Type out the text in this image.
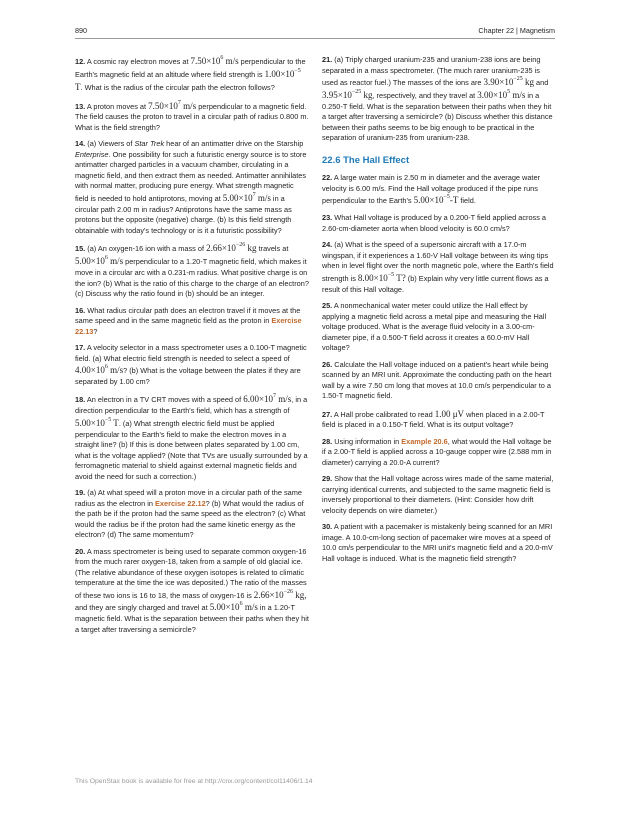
890	Chapter 22 | Magnetism

12. A cosmic ray electron moves at $7.50\times 10^6$ m/s perpendicular to the Earth's magnetic field at an altitude where field strength is $1.00\times 10^{-5}$ T. What is the radius of the circular path the electron follows?

13. A proton moves at $7.50\times 10^7$ m/s perpendicular to a magnetic field. The field causes the proton to travel in a circular path of radius 0.800 m. What is the field strength?

14. (a) Viewers of Star Trek hear of an antimatter drive on the Starship Enterprise. One possibility for such a futuristic energy source is to store antimatter charged particles in a vacuum chamber, circulating in a magnetic field, and then extract them as needed. Antimatter annihilates with normal matter, producing pure energy. What strength magnetic field is needed to hold antiprotons, moving at $5.00\times 10^7$ m/s in a circular path 2.00 m in radius? Antiprotons have the same mass as protons but the opposite (negative) charge. (b) Is this field strength obtainable with today's technology or is it a futuristic possibility?

15. (a) An oxygen-16 ion with a mass of $2.66\times 10^{-26}$ kg travels at $5.00\times 10^6$ m/s perpendicular to a 1.20-T magnetic field, which makes it move in a circular arc with a 0.231-m radius. What positive charge is on the ion? (b) What is the ratio of this charge to the charge of an electron? (c) Discuss why the ratio found in (b) should be an integer.

16. What radius circular path does an electron travel if it moves at the same speed and in the same magnetic field as the proton in Exercise 22.13?

17. A velocity selector in a mass spectrometer uses a 0.100-T magnetic field. (a) What electric field strength is needed to select a speed of $4.00\times 10^6$ m/s? (b) What is the voltage between the plates if they are separated by 1.00 cm?

18. An electron in a TV CRT moves with a speed of $6.00\times 10^7$ m/s, in a direction perpendicular to the Earth's field, which has a strength of $5.00\times 10^{-5}$ T. (a) What strength electric field must be applied perpendicular to the Earth's field to make the electron moves in a straight line? (b) If this is done between plates separated by 1.00 cm, what is the voltage applied? (Note that TVs are usually surrounded by a ferromagnetic material to shield against external magnetic fields and avoid the need for such a correction.)

19. (a) At what speed will a proton move in a circular path of the same radius as the electron in Exercise 22.12? (b) What would the radius of the path be if the proton had the same speed as the electron? (c) What would the radius be if the proton had the same kinetic energy as the electron? (d) The same momentum?

20. A mass spectrometer is being used to separate common oxygen-16 from the much rarer oxygen-18, taken from a sample of old glacial ice. (The relative abundance of these oxygen isotopes is related to climatic temperature at the time the ice was deposited.) The ratio of the masses of these two ions is 16 to 18, the mass of oxygen-16 is $2.66\times 10^{-26}$ kg, and they are singly charged and travel at $5.00\times 10^6$ m/s in a 1.20-T magnetic field. What is the separation between their paths when they hit a target after traversing a semicircle?

21. (a) Triply charged uranium-235 and uranium-238 ions are being separated in a mass spectrometer. (The much rarer uranium-235 is used as reactor fuel.) The masses of the ions are $3.90\times 10^{-25}$ kg and $3.95\times 10^{-25}$ kg, respectively, and they travel at $3.00\times 10^5$ m/s in a 0.250-T field. What is the separation between their paths when they hit a target after traversing a semicircle? (b) Discuss whether this distance between their paths seems to be big enough to be practical in the separation of uranium-235 from uranium-238.

22.6 The Hall Effect

22. A large water main is 2.50 m in diameter and the average water velocity is 6.00 m/s. Find the Hall voltage produced if the pipe runs perpendicular to the Earth's $5.00\times 10^{-5}-T$ field.

23. What Hall voltage is produced by a 0.200-T field applied across a 2.60-cm-diameter aorta when blood velocity is 60.0 cm/s?

24. (a) What is the speed of a supersonic aircraft with a 17.0-m wingspan, if it experiences a 1.60-V Hall voltage between its wing tips when in level flight over the north magnetic pole, where the Earth's field strength is $8.00\times 10^{-5}$ T? (b) Explain why very little current flows as a result of this Hall voltage.

25. A nonmechanical water meter could utilize the Hall effect by applying a magnetic field across a metal pipe and measuring the Hall voltage produced. What is the average fluid velocity in a 3.00-cm-diameter pipe, if a 0.500-T field across it creates a 60.0-mV Hall voltage?

26. Calculate the Hall voltage induced on a patient's heart while being scanned by an MRI unit. Approximate the conducting path on the heart wall by a wire 7.50 cm long that moves at 10.0 cm/s perpendicular to a 1.50-T magnetic field.

27. A Hall probe calibrated to read 1.00 μV when placed in a 2.00-T field is placed in a 0.150-T field. What is its output voltage?

28. Using information in Example 20.6, what would the Hall voltage be if a 2.00-T field is applied across a 10-gauge copper wire (2.588 mm in diameter) carrying a 20.0-A current?

29. Show that the Hall voltage across wires made of the same material, carrying identical currents, and subjected to the same magnetic field is inversely proportional to their diameters. (Hint: Consider how drift velocity depends on wire diameter.)

30. A patient with a pacemaker is mistakenly being scanned for an MRI image. A 10.0-cm-long section of pacemaker wire moves at a speed of 10.0 cm/s perpendicular to the MRI unit's magnetic field and a 20.0-mV Hall voltage is induced. What is the magnetic field strength?

This OpenStax book is available for free at http://cnx.org/content/col11406/1.14
